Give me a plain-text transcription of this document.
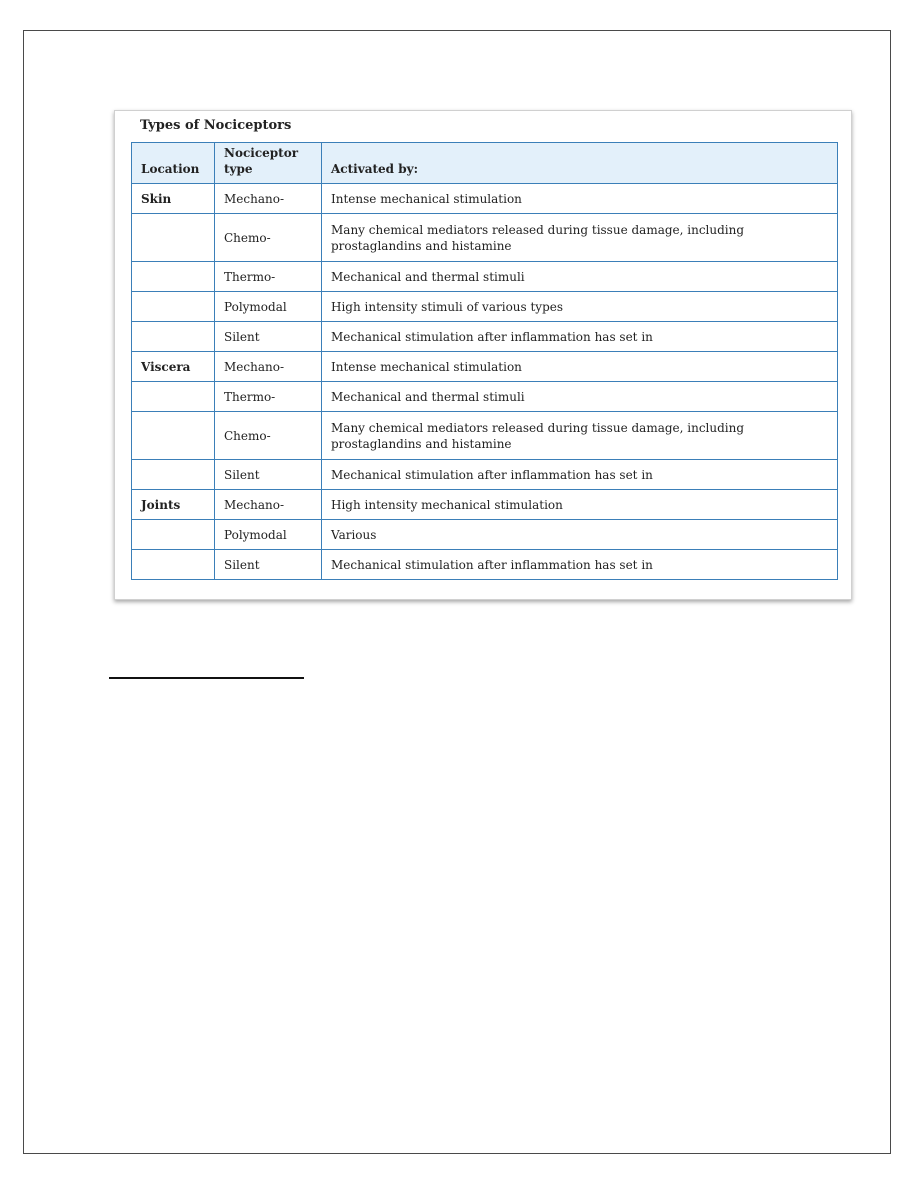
Types of Nociceptors
Location	Nociceptor type	Activated by:
Skin	Mechano-	Intense mechanical stimulation
	Chemo-	Many chemical mediators released during tissue damage, including prostaglandins and histamine
	Thermo-	Mechanical and thermal stimuli
	Polymodal	High intensity stimuli of various types
	Silent	Mechanical stimulation after inflammation has set in
Viscera	Mechano-	Intense mechanical stimulation
	Thermo-	Mechanical and thermal stimuli
	Chemo-	Many chemical mediators released during tissue damage, including prostaglandins and histamine
	Silent	Mechanical stimulation after inflammation has set in
Joints	Mechano-	High intensity mechanical stimulation
	Polymodal	Various
	Silent	Mechanical stimulation after inflammation has set in
